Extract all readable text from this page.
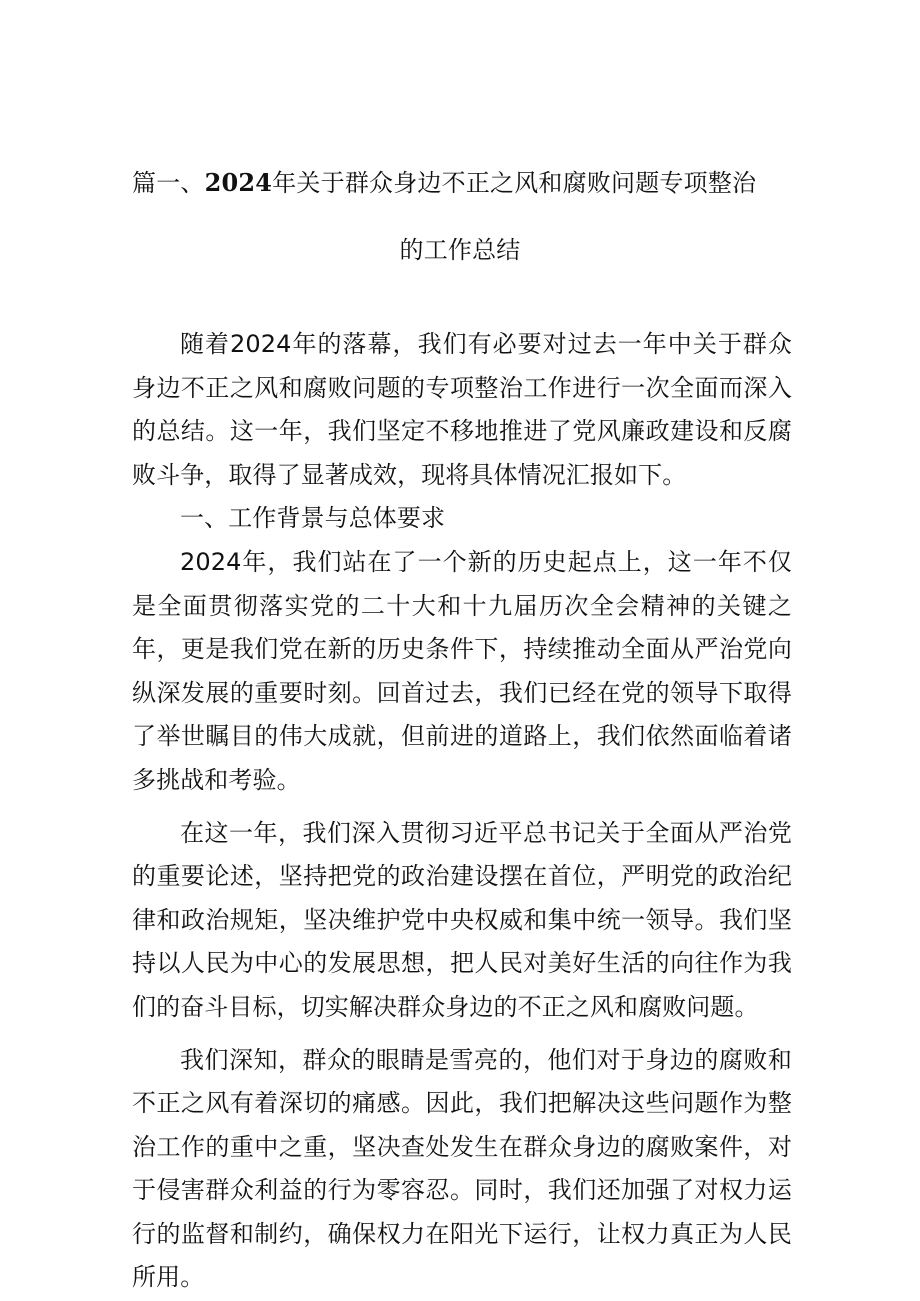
篇一、2024年关于群众身边不正之风和腐败问题专项整治
的工作总结

随着2024年的落幕，我们有必要对过去一年中关于群众身边不正之风和腐败问题的专项整治工作进行一次全面而深入的总结。这一年，我们坚定不移地推进了党风廉政建设和反腐败斗争，取得了显著成效，现将具体情况汇报如下。

一、工作背景与总体要求

2024年，我们站在了一个新的历史起点上，这一年不仅是全面贯彻落实党的二十大和十九届历次全会精神的关键之年，更是我们党在新的历史条件下，持续推动全面从严治党向纵深发展的重要时刻。回首过去，我们已经在党的领导下取得了举世瞩目的伟大成就，但前进的道路上，我们依然面临着诸多挑战和考验。

在这一年，我们深入贯彻习近平总书记关于全面从严治党的重要论述，坚持把党的政治建设摆在首位，严明党的政治纪律和政治规矩，坚决维护党中央权威和集中统一领导。我们坚持以人民为中心的发展思想，把人民对美好生活的向往作为我们的奋斗目标，切实解决群众身边的不正之风和腐败问题。

我们深知，群众的眼睛是雪亮的，他们对于身边的腐败和不正之风有着深切的痛感。因此，我们把解决这些问题作为整治工作的重中之重，坚决查处发生在群众身边的腐败案件，对于侵害群众利益的行为零容忍。同时，我们还加强了对权力运行的监督和制约，确保权力在阳光下运行，让权力真正为人民所用。
